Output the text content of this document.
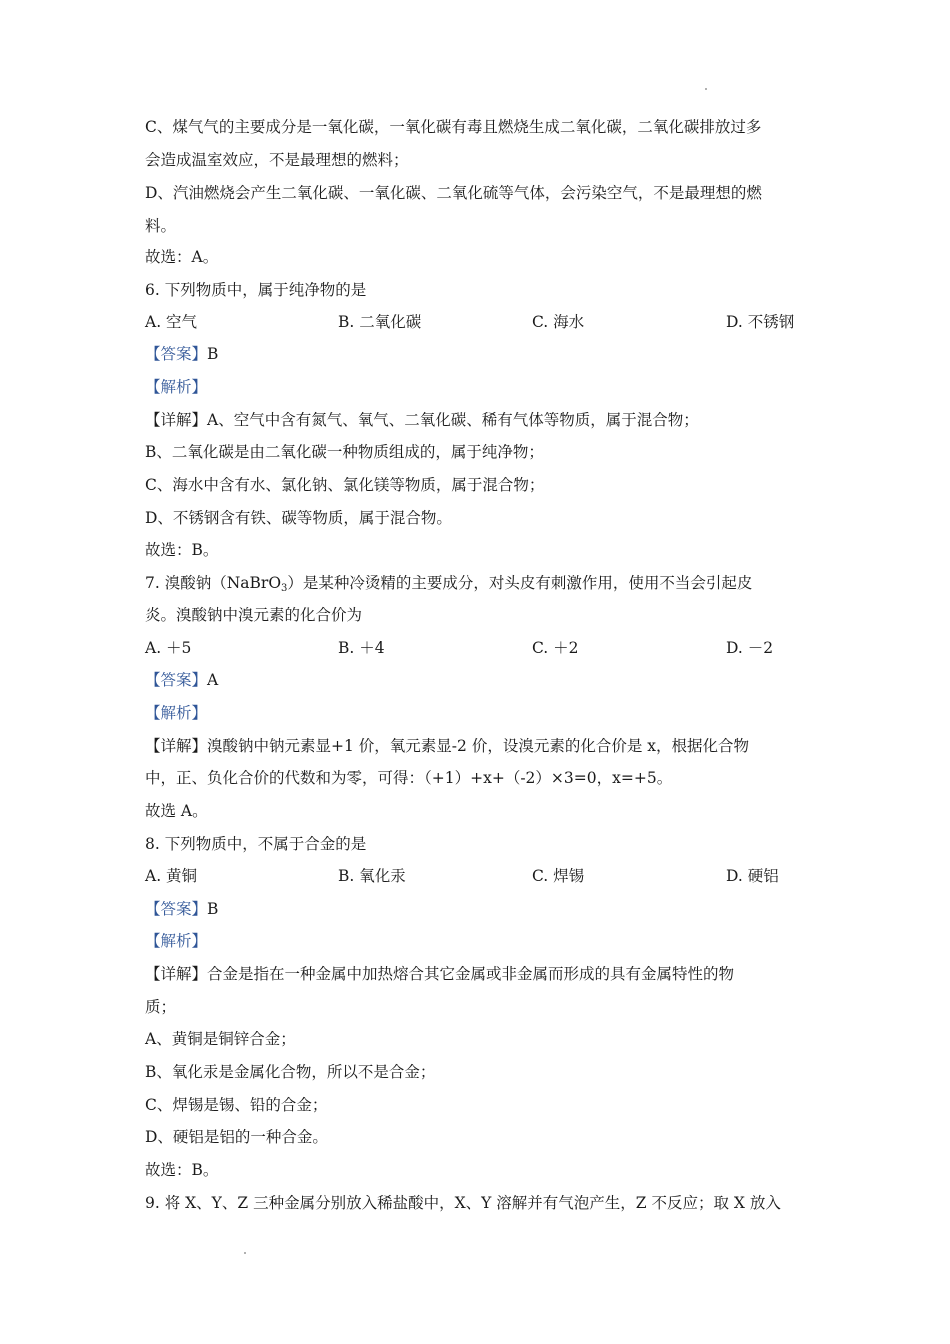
C、煤气气的主要成分是一氧化碳，一氧化碳有毒且燃烧生成二氧化碳，二氧化碳排放过多
会造成温室效应，不是最理想的燃料；
D、汽油燃烧会产生二氧化碳、一氧化碳、二氧化硫等气体，会污染空气，不是最理想的燃
料。
故选：A。
6. 下列物质中，属于纯净物的是
A. 空气	B. 二氧化碳	C. 海水	D. 不锈钢
【答案】B
【解析】
【详解】A、空气中含有氮气、氧气、二氧化碳、稀有气体等物质，属于混合物；
B、二氧化碳是由二氧化碳一种物质组成的，属于纯净物；
C、海水中含有水、氯化钠、氯化镁等物质，属于混合物；
D、不锈钢含有铁、碳等物质，属于混合物。
故选：B。
7. 溴酸钠（NaBrO$_3$）是某种冷烫精的主要成分，对头皮有刺激作用，使用不当会引起皮
炎。溴酸钠中溴元素的化合价为
A. ＋5	B. ＋4	C. ＋2	D. －2
【答案】A
【解析】
【详解】溴酸钠中钠元素显+1 价，氧元素显-2 价，设溴元素的化合价是 x，根据化合物
中，正、负化合价的代数和为零，可得：（+1）+x+（-2）×3=0，x=+5。
故选 A。
8. 下列物质中，不属于合金的是
A. 黄铜	B. 氧化汞	C. 焊锡	D. 硬铝
【答案】B
【解析】
【详解】合金是指在一种金属中加热熔合其它金属或非金属而形成的具有金属特性的物
质；
A、黄铜是铜锌合金；
B、氧化汞是金属化合物，所以不是合金；
C、焊锡是锡、铅的合金；
D、硬铝是铝的一种合金。
故选：B。
9. 将 X、Y、Z 三种金属分别放入稀盐酸中，X、Y 溶解并有气泡产生，Z 不反应；取 X 放入
